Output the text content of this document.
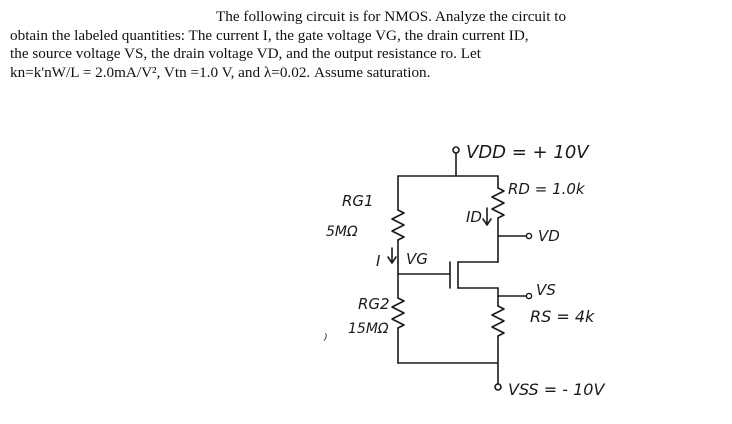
The following circuit is for NMOS. Analyze the circuit to
obtain the labeled quantities: The current I, the gate voltage VG, the drain current ID,
the source voltage VS, the drain voltage VD, and the output resistance ro. Let
kn=k'nW/L = 2.0mA/V², Vtn =1.0 V, and λ=0.02. Assume saturation.
VDD = + 10V
RD = 1.0k
VD
ID
RG1
5MΩ
I VG
RG2
15MΩ
VS
RS = 4k
VSS = - 10V
)
